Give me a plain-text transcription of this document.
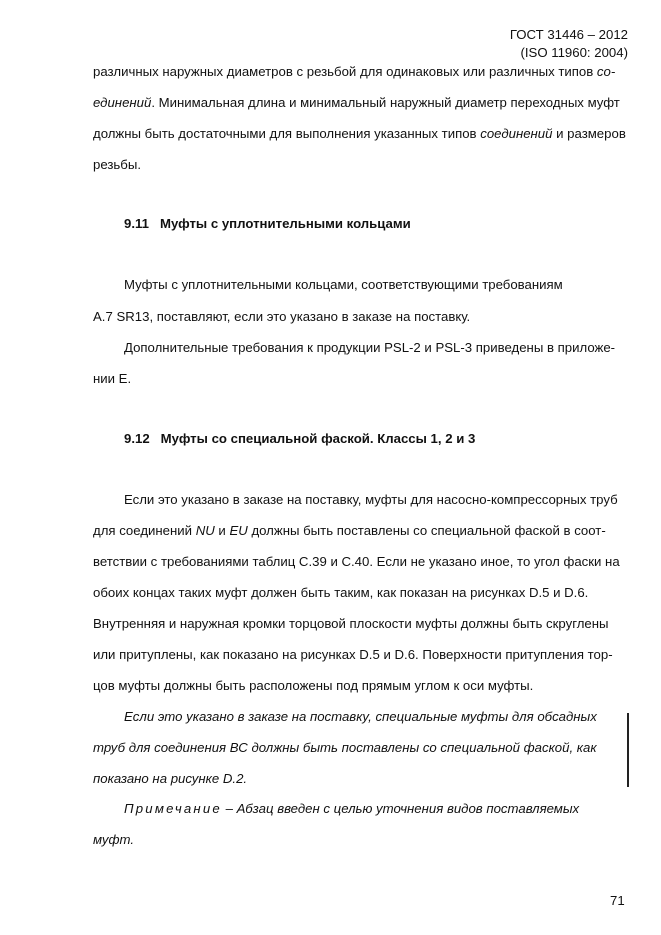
ГОСТ 31446 – 2012
(ISO 11960: 2004)
различных наружных диаметров с резьбой для одинаковых или различных типов со-
единений. Минимальная длина и минимальный наружный диаметр переходных муфт
должны быть достаточными для выполнения указанных типов соединений и размеров
резьбы.
9.11 Муфты с уплотнительными кольцами
Муфты с уплотнительными кольцами, соответствующими требованиям
A.7 SR13, поставляют, если это указано в заказе на поставку.
Дополнительные требования к продукции PSL-2 и PSL-3 приведены в приложе-
нии Е.
9.12 Муфты со специальной фаской. Классы 1, 2 и 3
Если это указано в заказе на поставку, муфты для насосно-компрессорных труб
для соединений NU и EU должны быть поставлены со специальной фаской в соот-
ветствии с требованиями таблиц С.39 и С.40. Если не указано иное, то угол фаски на
обоих концах таких муфт должен быть таким, как показан на рисунках D.5 и D.6.
Внутренняя и наружная кромки торцовой плоскости муфты должны быть скруглены
или притуплены, как показано на рисунках D.5 и D.6. Поверхности притупления тор-
цов муфты должны быть расположены под прямым углом к оси муфты.
Если это указано в заказе на поставку, специальные муфты для обсадных
труб для соединения ВС должны быть поставлены со специальной фаской, как
показано на рисунке D.2.
Примечание – Абзац введен с целью уточнения видов поставляемых
муфт.
71
